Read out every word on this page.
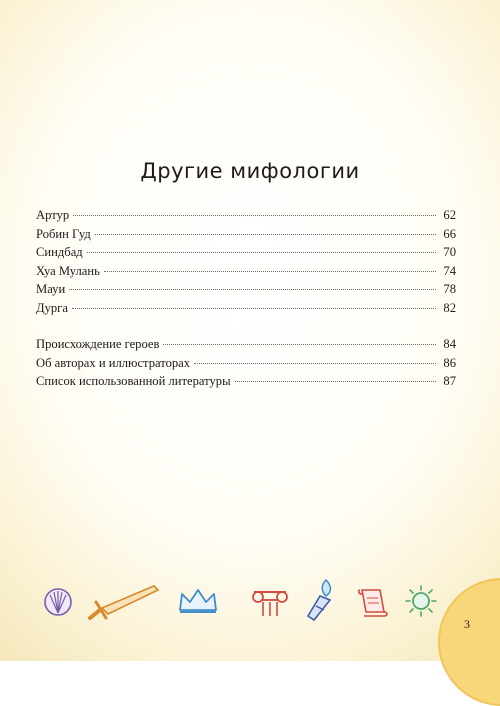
Другие мифологии
Артур	62
Робин Гуд	66
Синдбад	70
Хуа Мулань	74
Мауи	78
Дурга	82
Происхождение героев	84
Об авторах и иллюстраторах	86
Список использованной литературы	87
3
